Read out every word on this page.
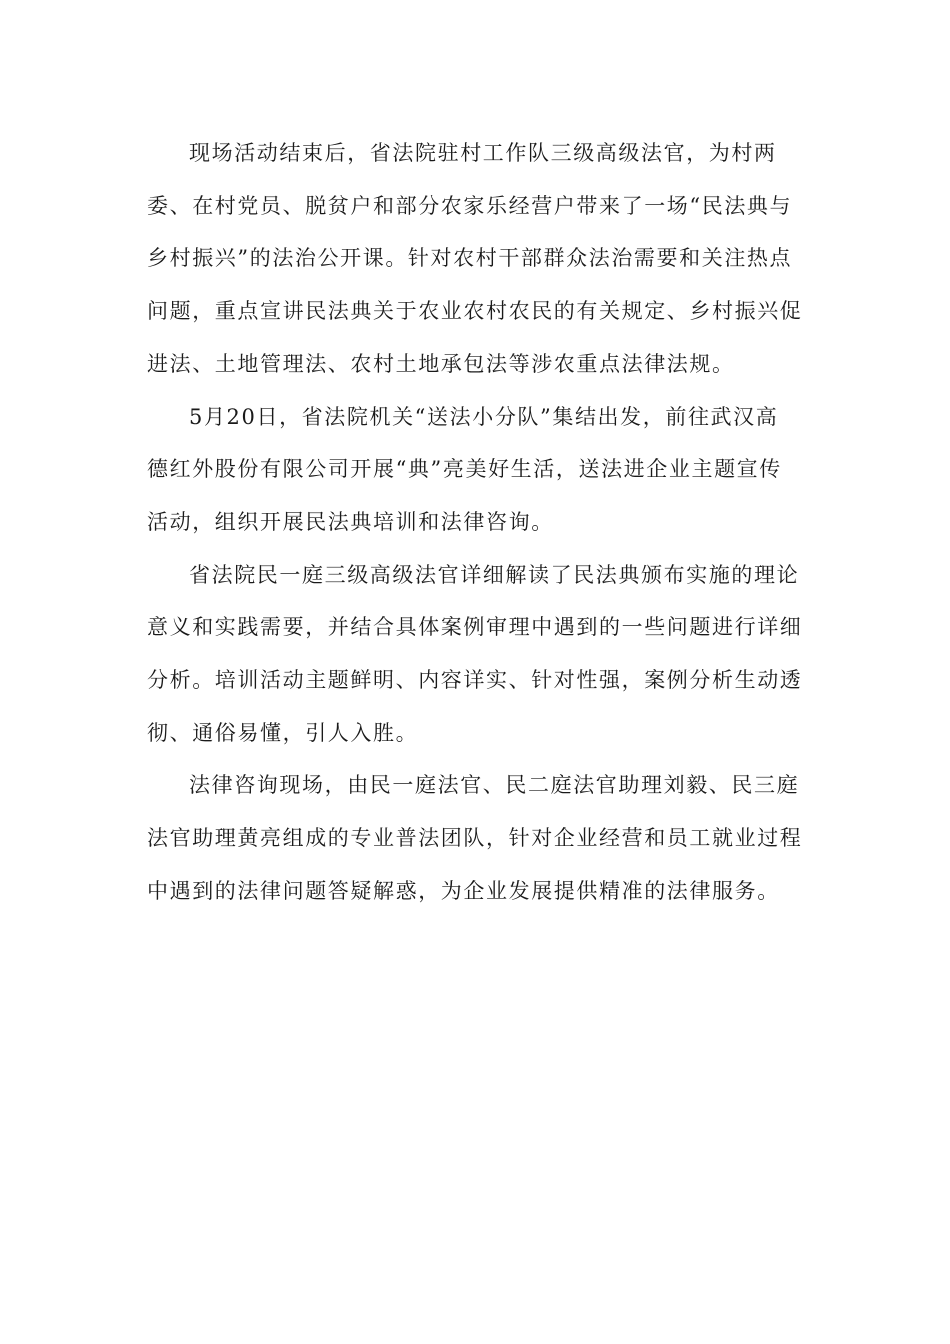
现场活动结束后，省法院驻村工作队三级高级法官，为村两
委、在村党员、脱贫户和部分农家乐经营户带来了一场“民法典与
乡村振兴”的法治公开课。针对农村干部群众法治需要和关注热点
问题，重点宣讲民法典关于农业农村农民的有关规定、乡村振兴促
进法、土地管理法、农村土地承包法等涉农重点法律法规。

5月20日，省法院机关“送法小分队”集结出发，前往武汉高
德红外股份有限公司开展“典”亮美好生活，送法进企业主题宣传
活动，组织开展民法典培训和法律咨询。

省法院民一庭三级高级法官详细解读了民法典颁布实施的理论
意义和实践需要，并结合具体案例审理中遇到的一些问题进行详细
分析。培训活动主题鲜明、内容详实、针对性强，案例分析生动透
彻、通俗易懂，引人入胜。

法律咨询现场，由民一庭法官、民二庭法官助理刘毅、民三庭
法官助理黄亮组成的专业普法团队，针对企业经营和员工就业过程
中遇到的法律问题答疑解惑，为企业发展提供精准的法律服务。
